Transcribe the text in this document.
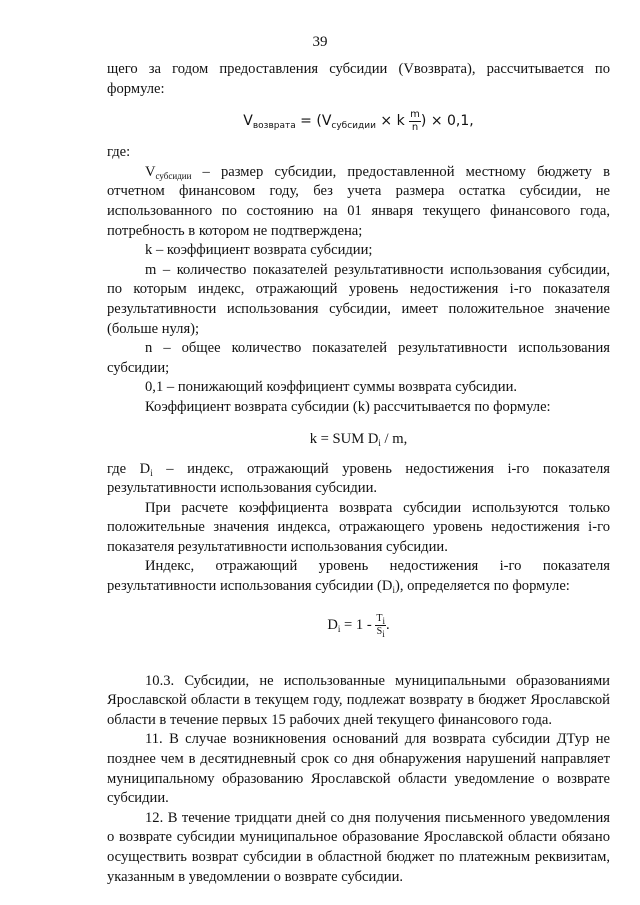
39

щего за годом предоставления субсидии (Vвозврата), рассчитывается по формуле:

$V_{возврата} = (V_{субсидии} \times k \frac{m}{n}$ ) × 0,1,

где:

$V_{субсидии}$ – размер субсидии, предоставленной местному бюджету в отчетном финансовом году, без учета размера остатка субсидии, не использованного по состоянию на 01 января текущего финансового года, потребность в котором не подтверждена;

k – коэффициент возврата субсидии;

m – количество показателей результативности использования субсидии, по которым индекс, отражающий уровень недостижения i-го показателя результативности использования субсидии, имеет положительное значение (больше нуля);

n – общее количество показателей результативности использования субсидии;

0,1 – понижающий коэффициент суммы возврата субсидии.

Коэффициент возврата субсидии (k) рассчитывается по формуле:

k = SUM $D_i$ / m,

где $D_i$ – индекс, отражающий уровень недостижения i-го показателя результативности использования субсидии.

При расчете коэффициента возврата субсидии используются только положительные значения индекса, отражающего уровень недостижения i-го показателя результативности использования субсидии.

Индекс, отражающий уровень недостижения i-го показателя результативности использования субсидии $(D_i)$, определяется по формуле:

$D_i = 1 - \frac{T_i}{S_i}$ .

10.3. Субсидии, не использованные муниципальными образованиями Ярославской области в текущем году, подлежат возврату в бюджет Ярославской области в течение первых 15 рабочих дней текущего финансового года.

11. В случае возникновения оснований для возврата субсидии ДТур не позднее чем в десятидневный срок со дня обнаружения нарушений направляет муниципальному образованию Ярославской области уведомление о возврате субсидии.

12. В течение тридцати дней со дня получения письменного уведомления о возврате субсидии муниципальное образование Ярославской области обязано осуществить возврат субсидии в областной бюджет по платежным реквизитам, указанным в уведомлении о возврате субсидии.
